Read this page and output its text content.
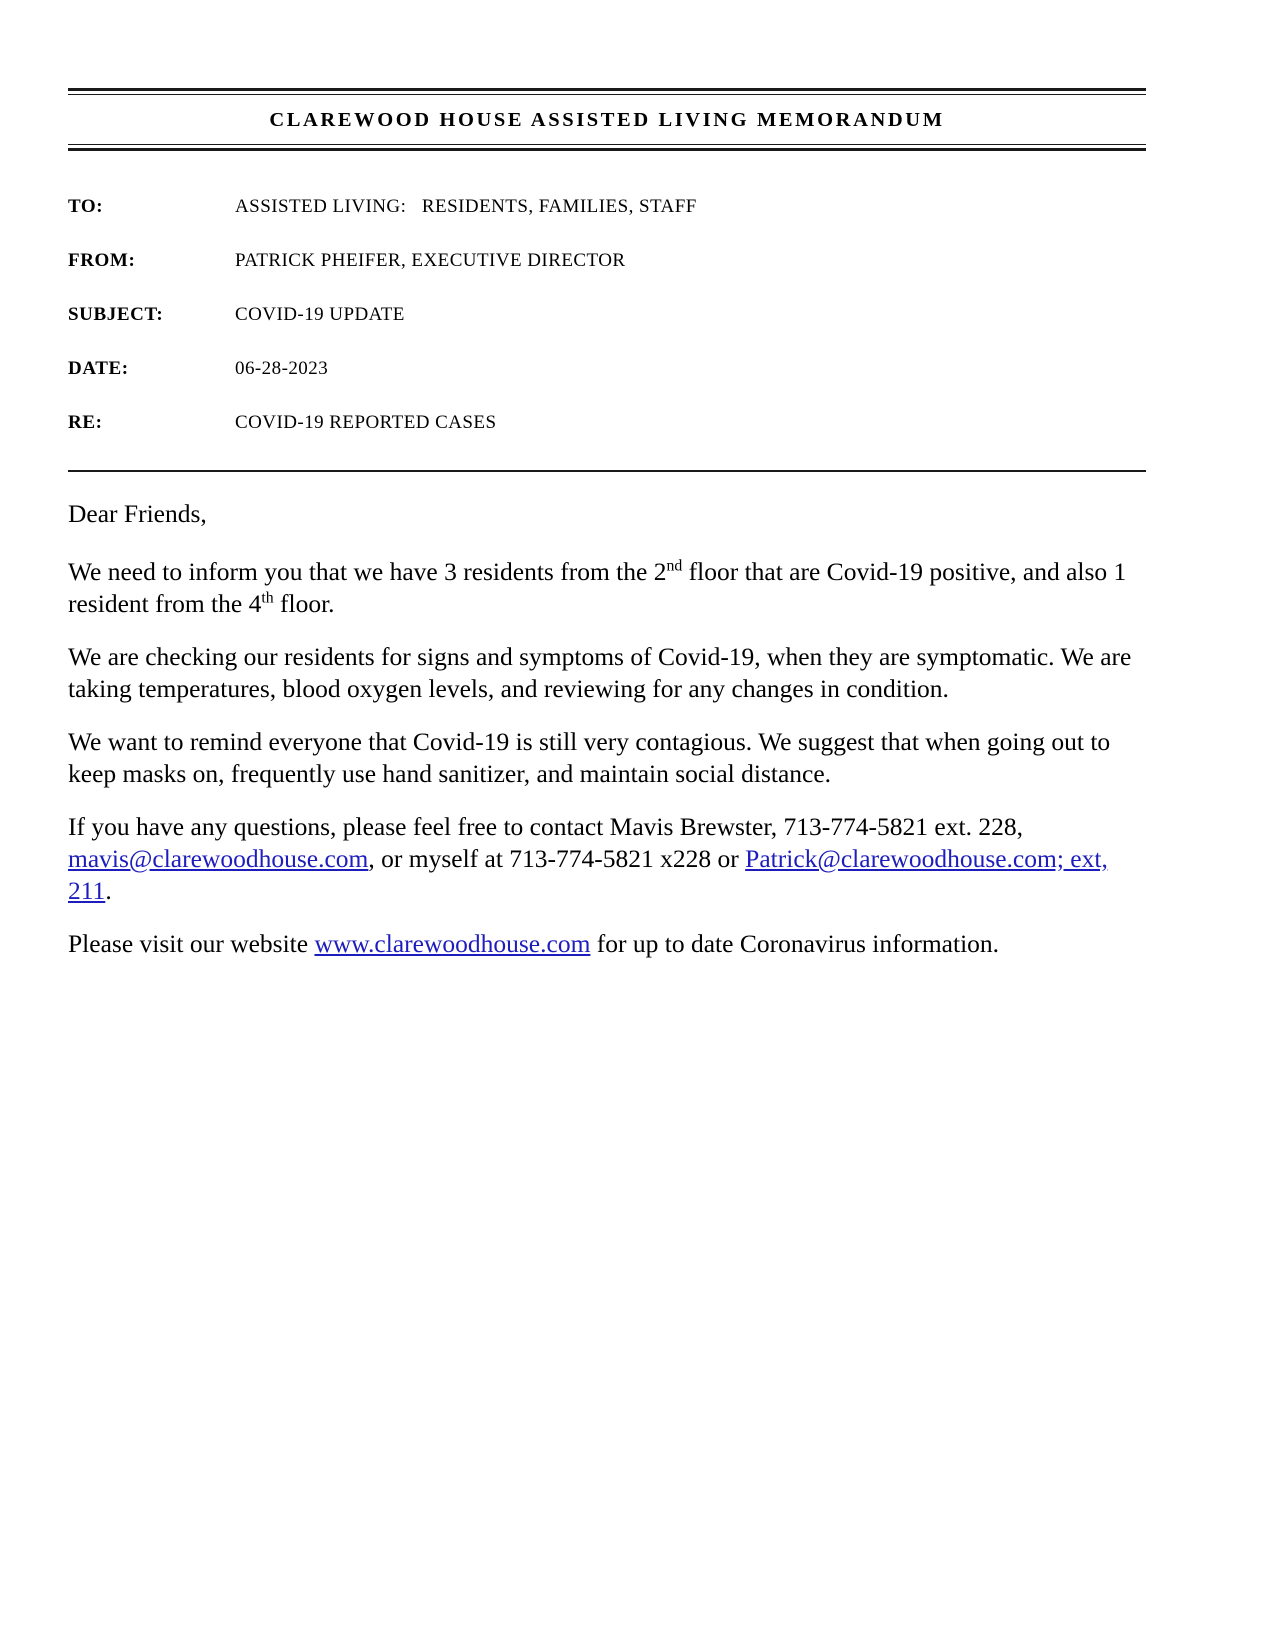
CLAREWOOD HOUSE ASSISTED LIVING MEMORANDUM
TO:	ASSISTED LIVING:   RESIDENTS, FAMILIES, STAFF
FROM:	PATRICK PHEIFER, EXECUTIVE DIRECTOR
SUBJECT:	COVID-19 UPDATE
DATE:	06-28-2023
RE:	COVID-19 REPORTED CASES

Dear Friends,

We need to inform you that we have 3 residents from the 2nd floor that are Covid-19 positive, and also 1 resident from the 4th floor.

We are checking our residents for signs and symptoms of Covid-19, when they are symptomatic. We are taking temperatures, blood oxygen levels, and reviewing for any changes in condition.

We want to remind everyone that Covid-19 is still very contagious. We suggest that when going out to keep masks on, frequently use hand sanitizer, and maintain social distance.

If you have any questions, please feel free to contact Mavis Brewster, 713-774-5821 ext. 228, mavis@clarewoodhouse.com, or myself at 713-774-5821 x228 or Patrick@clarewoodhouse.com; ext, 211.

Please visit our website www.clarewoodhouse.com for up to date Coronavirus information.
